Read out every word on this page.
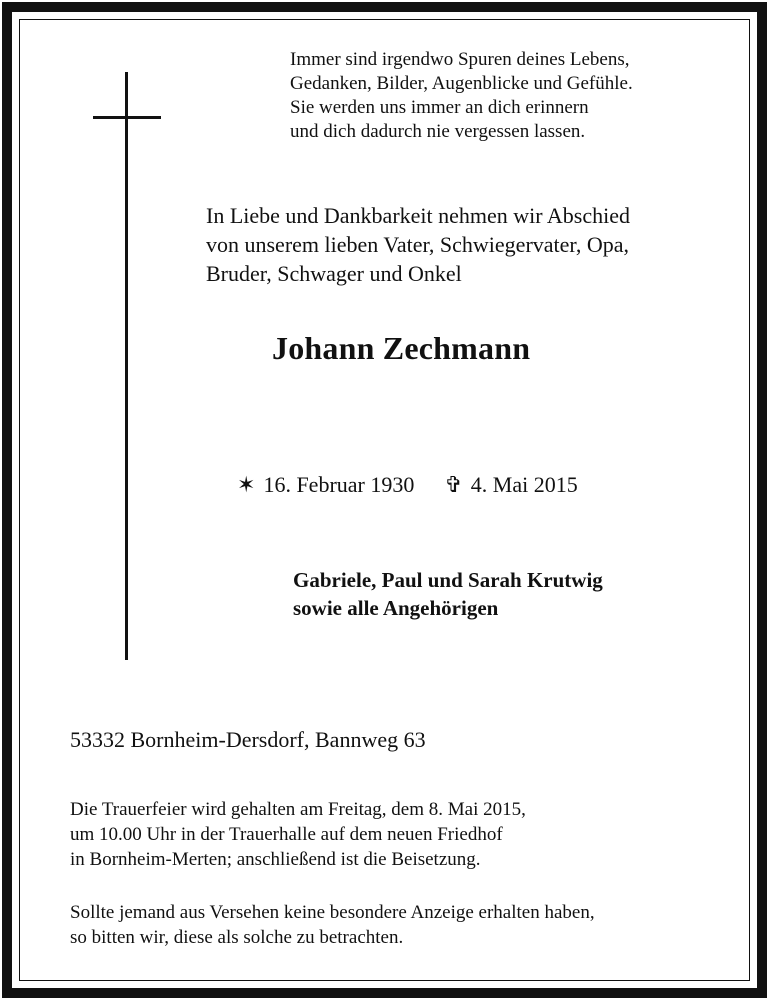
Immer sind irgendwo Spuren deines Lebens,
Gedanken, Bilder, Augenblicke und Gefühle.
Sie werden uns immer an dich erinnern
und dich dadurch nie vergessen lassen.
In Liebe und Dankbarkeit nehmen wir Abschied
von unserem lieben Vater, Schwiegervater, Opa,
Bruder, Schwager und Onkel
Johann Zechmann
✶ 16. Februar 1930 ✞ 4. Mai 2015
Gabriele, Paul und Sarah Krutwig
sowie alle Angehörigen
53332 Bornheim-Dersdorf, Bannweg 63
Die Trauerfeier wird gehalten am Freitag, dem 8. Mai 2015,
um 10.00 Uhr in der Trauerhalle auf dem neuen Friedhof
in Bornheim-Merten; anschließend ist die Beisetzung.
Sollte jemand aus Versehen keine besondere Anzeige erhalten haben,
so bitten wir, diese als solche zu betrachten.
